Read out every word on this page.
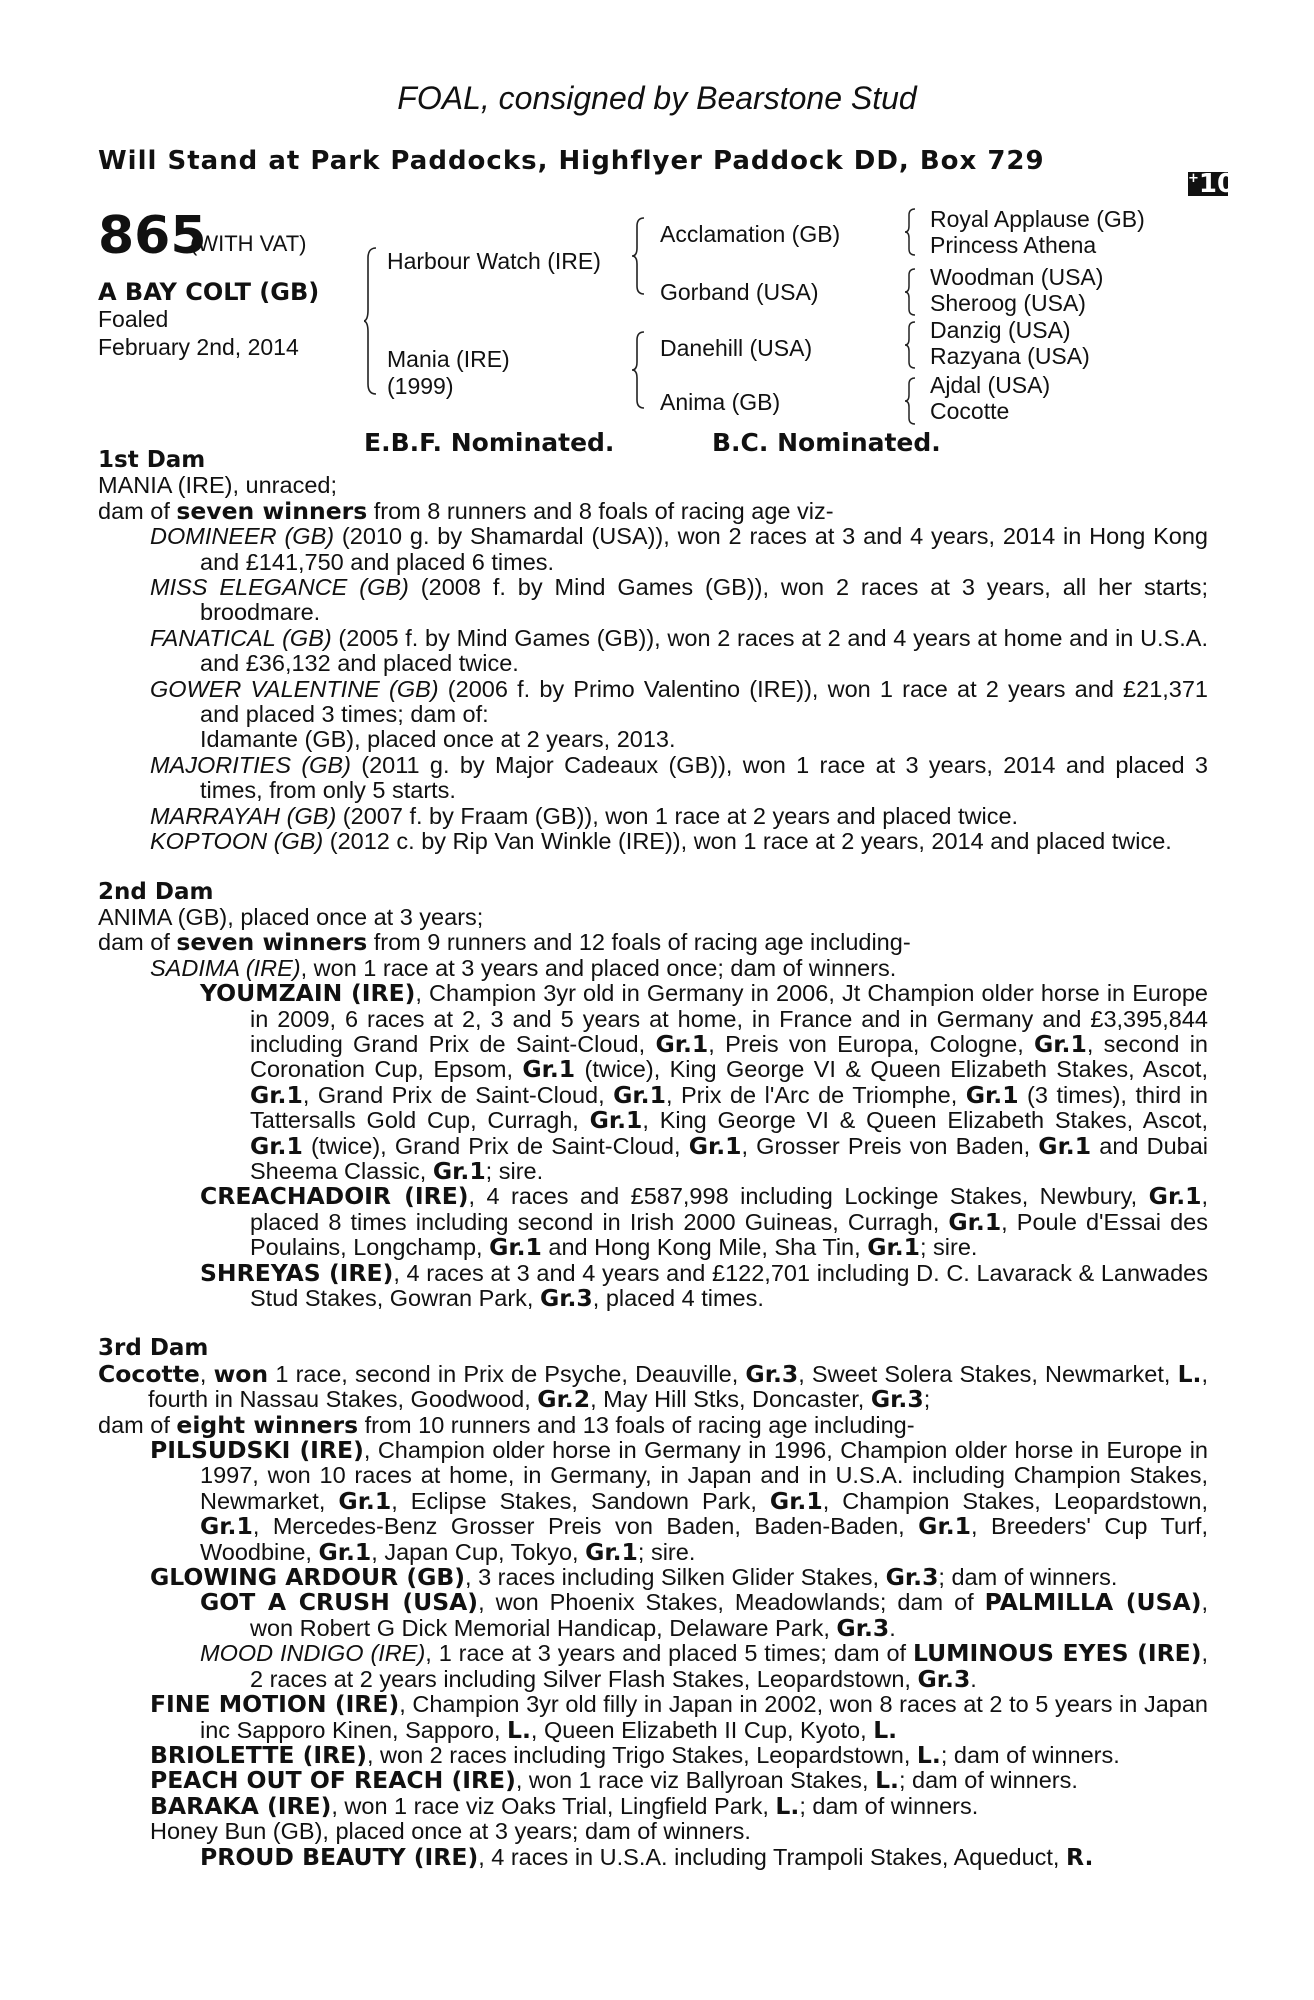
FOAL, consigned by Bearstone Stud
Will Stand at Park Paddocks, Highflyer Paddock DD, Box 729
+10
865
(WITH VAT)
A BAY COLT (GB)
Foaled
February 2nd, 2014
Harbour Watch (IRE)
Mania (IRE)
(1999)
Acclamation (GB)
Gorband (USA)
Danehill (USA)
Anima (GB)
Royal Applause (GB)
Princess Athena
Woodman (USA)
Sheroog (USA)
Danzig (USA)
Razyana (USA)
Ajdal (USA)
Cocotte
E.B.F. Nominated.	B.C. Nominated.

1st Dam

MANIA (IRE), unraced;

dam of seven winners from 8 runners and 8 foals of racing age viz-

DOMINEER (GB) (2010 g. by Shamardal (USA)), won 2 races at 3 and 4 years, 2014 in Hong Kong and £141,750 and placed 6 times.

MISS ELEGANCE (GB) (2008 f. by Mind Games (GB)), won 2 races at 3 years, all her starts; broodmare.

FANATICAL (GB) (2005 f. by Mind Games (GB)), won 2 races at 2 and 4 years at home and in U.S.A. and £36,132 and placed twice.

GOWER VALENTINE (GB) (2006 f. by Primo Valentino (IRE)), won 1 race at 2 years and £21,371 and placed 3 times; dam of:

Idamante (GB), placed once at 2 years, 2013.

MAJORITIES (GB) (2011 g. by Major Cadeaux (GB)), won 1 race at 3 years, 2014 and placed 3 times, from only 5 starts.

MARRAYAH (GB) (2007 f. by Fraam (GB)), won 1 race at 2 years and placed twice.

KOPTOON (GB) (2012 c. by Rip Van Winkle (IRE)), won 1 race at 2 years, 2014 and placed twice.

2nd Dam

ANIMA (GB), placed once at 3 years;

dam of seven winners from 9 runners and 12 foals of racing age including-

SADIMA (IRE), won 1 race at 3 years and placed once; dam of winners.

YOUMZAIN (IRE), Champion 3yr old in Germany in 2006, Jt Champion older horse in Europe in 2009, 6 races at 2, 3 and 5 years at home, in France and in Germany and £3,395,844 including Grand Prix de Saint-Cloud, Gr.1, Preis von Europa, Cologne, Gr.1, second in Coronation Cup, Epsom, Gr.1 (twice), King George VI & Queen Elizabeth Stakes, Ascot, Gr.1, Grand Prix de Saint-Cloud, Gr.1, Prix de l'Arc de Triomphe, Gr.1 (3 times), third in Tattersalls Gold Cup, Curragh, Gr.1, King George VI & Queen Elizabeth Stakes, Ascot, Gr.1 (twice), Grand Prix de Saint-Cloud, Gr.1, Grosser Preis von Baden, Gr.1 and Dubai Sheema Classic, Gr.1; sire.

CREACHADOIR (IRE), 4 races and £587,998 including Lockinge Stakes, Newbury, Gr.1, placed 8 times including second in Irish 2000 Guineas, Curragh, Gr.1, Poule d'Essai des Poulains, Longchamp, Gr.1 and Hong Kong Mile, Sha Tin, Gr.1; sire.

SHREYAS (IRE), 4 races at 3 and 4 years and £122,701 including D. C. Lavarack & Lanwades Stud Stakes, Gowran Park, Gr.3, placed 4 times.

3rd Dam

Cocotte, won 1 race, second in Prix de Psyche, Deauville, Gr.3, Sweet Solera Stakes, Newmarket, L., fourth in Nassau Stakes, Goodwood, Gr.2, May Hill Stks, Doncaster, Gr.3;

dam of eight winners from 10 runners and 13 foals of racing age including-

PILSUDSKI (IRE), Champion older horse in Germany in 1996, Champion older horse in Europe in 1997, won 10 races at home, in Germany, in Japan and in U.S.A. including Champion Stakes, Newmarket, Gr.1, Eclipse Stakes, Sandown Park, Gr.1, Champion Stakes, Leopardstown, Gr.1, Mercedes-Benz Grosser Preis von Baden, Baden-Baden, Gr.1, Breeders' Cup Turf, Woodbine, Gr.1, Japan Cup, Tokyo, Gr.1; sire.

GLOWING ARDOUR (GB), 3 races including Silken Glider Stakes, Gr.3; dam of winners.

GOT A CRUSH (USA), won Phoenix Stakes, Meadowlands; dam of PALMILLA (USA), won Robert G Dick Memorial Handicap, Delaware Park, Gr.3.

MOOD INDIGO (IRE), 1 race at 3 years and placed 5 times; dam of LUMINOUS EYES (IRE), 2 races at 2 years including Silver Flash Stakes, Leopardstown, Gr.3.

FINE MOTION (IRE), Champion 3yr old filly in Japan in 2002, won 8 races at 2 to 5 years in Japan inc Sapporo Kinen, Sapporo, L., Queen Elizabeth II Cup, Kyoto, L.

BRIOLETTE (IRE), won 2 races including Trigo Stakes, Leopardstown, L.; dam of winners.

PEACH OUT OF REACH (IRE), won 1 race viz Ballyroan Stakes, L.; dam of winners.

BARAKA (IRE), won 1 race viz Oaks Trial, Lingfield Park, L.; dam of winners.

Honey Bun (GB), placed once at 3 years; dam of winners.

PROUD BEAUTY (IRE), 4 races in U.S.A. including Trampoli Stakes, Aqueduct, R.
